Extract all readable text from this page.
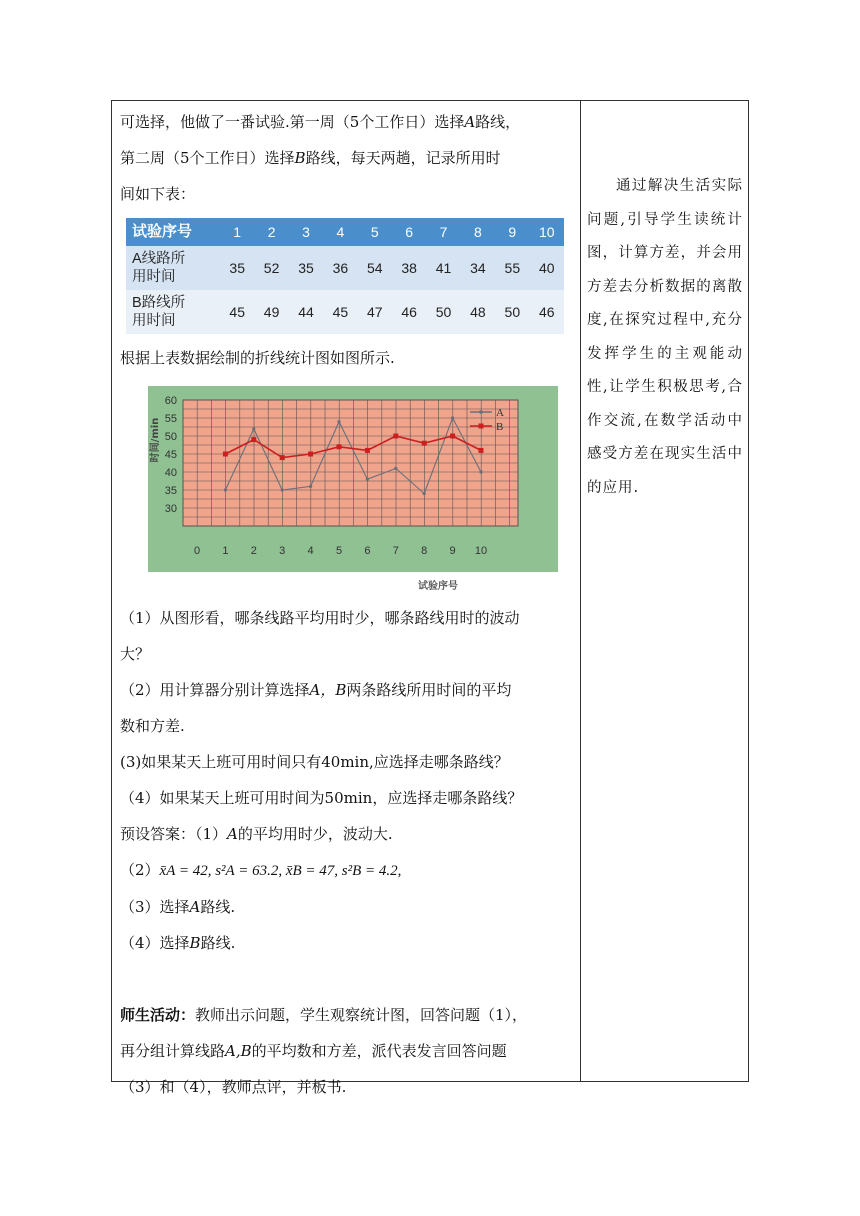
可选择，他做了一番试验.第一周（5个工作日）选择A路线，

第二周（5个工作日）选择B路线，每天两趟，记录所用时

间如下表：

试验序号	1	2	3	4	5	6	7	8	9	10
A线路所
用时间	35	52	35	36	54	38	41	34	55	40
B路线所
用时间	45	49	44	45	47	46	50	48	50	46

根据上表数据绘制的折线统计图如图所示.

30
35
40
45
50
55
60
0 1 2 3 4 5 6 7 8 9 10
时间/min
试验序号
A
B

（1）从图形看，哪条线路平均用时少，哪条路线用时的波动

大？

（2）用计算器分别计算选择A，B两条路线所用时间的平均

数和方差.

(3)如果某天上班可用时间只有40min,应选择走哪条路线？

（4）如果某天上班可用时间为50min，应选择走哪条路线？

预设答案：（1）A的平均用时少，波动大.

（2）x̄A = 42, s²A = 63.2, x̄B = 47, s²B = 4.2,

（3）选择A路线.

（4）选择B路线.

师生活动：教师出示问题，学生观察统计图，回答问题（1），

再分组计算线路A,B的平均数和方差，派代表发言回答问题

（3）和（4），教师点评，并板书.

通过解决生活实际问题,引导学生读统计图，计算方差，并会用方差去分析数据的离散度,在探究过程中,充分发挥学生的主观能动性,让学生积极思考,合作交流,在数学活动中感受方差在现实生活中的应用.
